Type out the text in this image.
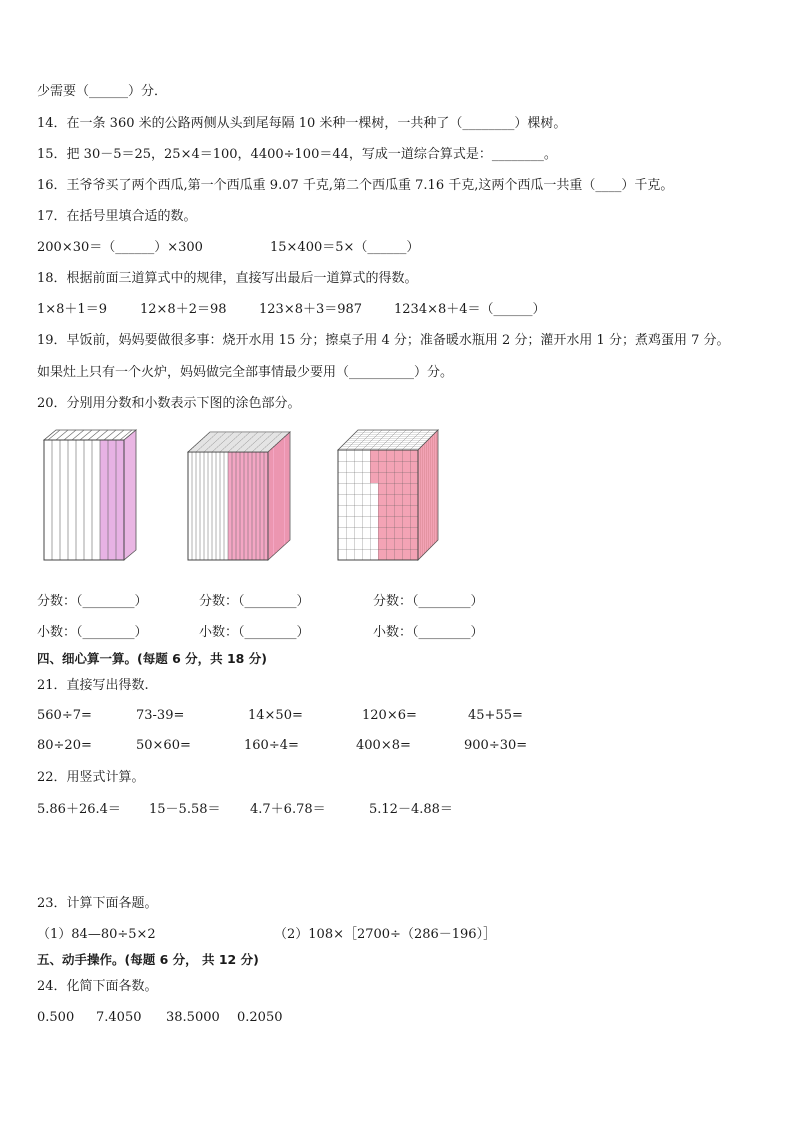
少需要（______）分．
14．在一条 360 米的公路两侧从头到尾每隔 10 米种一棵树，一共种了（________）棵树。
15．把 30－5＝25，25×4＝100，4400÷100＝44，写成一道综合算式是：________。
16．王爷爷买了两个西瓜,第一个西瓜重 9.07 千克,第二个西瓜重 7.16 千克,这两个西瓜一共重（____）千克。
17．在括号里填合适的数。
200×30＝（______）×300	15×400＝5×（______）
18．根据前面三道算式中的规律，直接写出最后一道算式的得数。
1×8＋1＝9	12×8＋2＝98 123×8＋3＝987 1234×8＋4＝（______）
19．早饭前，妈妈要做很多事：烧开水用 15 分；擦桌子用 4 分；准备暖水瓶用 2 分；灌开水用 1 分；煮鸡蛋用 7 分。
如果灶上只有一个火炉，妈妈做完全部事情最少要用（__________）分。
20．分别用分数和小数表示下图的涂色部分。
分数：（________）	分数：（________）	分数：（________）
小数：（________）	小数：（________）	小数：（________）
四、细心算一算。(每题 6 分，共 18 分)
21．直接写出得数.
560÷7=	73-39=	14×50=	120×6=	45+55=
80÷20=	50×60=	160÷4=	400×8=	900÷30=
22．用竖式计算。
5.86＋26.4＝ 15－5.58＝ 4.7＋6.78＝	5.12－4.88＝
23．计算下面各题。
（1）84—80÷5×2	（2）108×［2700÷（286－196）］
五、动手操作。(每题 6 分， 共 12 分)
24．化简下面各数。
0.500 7.4050 38.5000 0.2050
